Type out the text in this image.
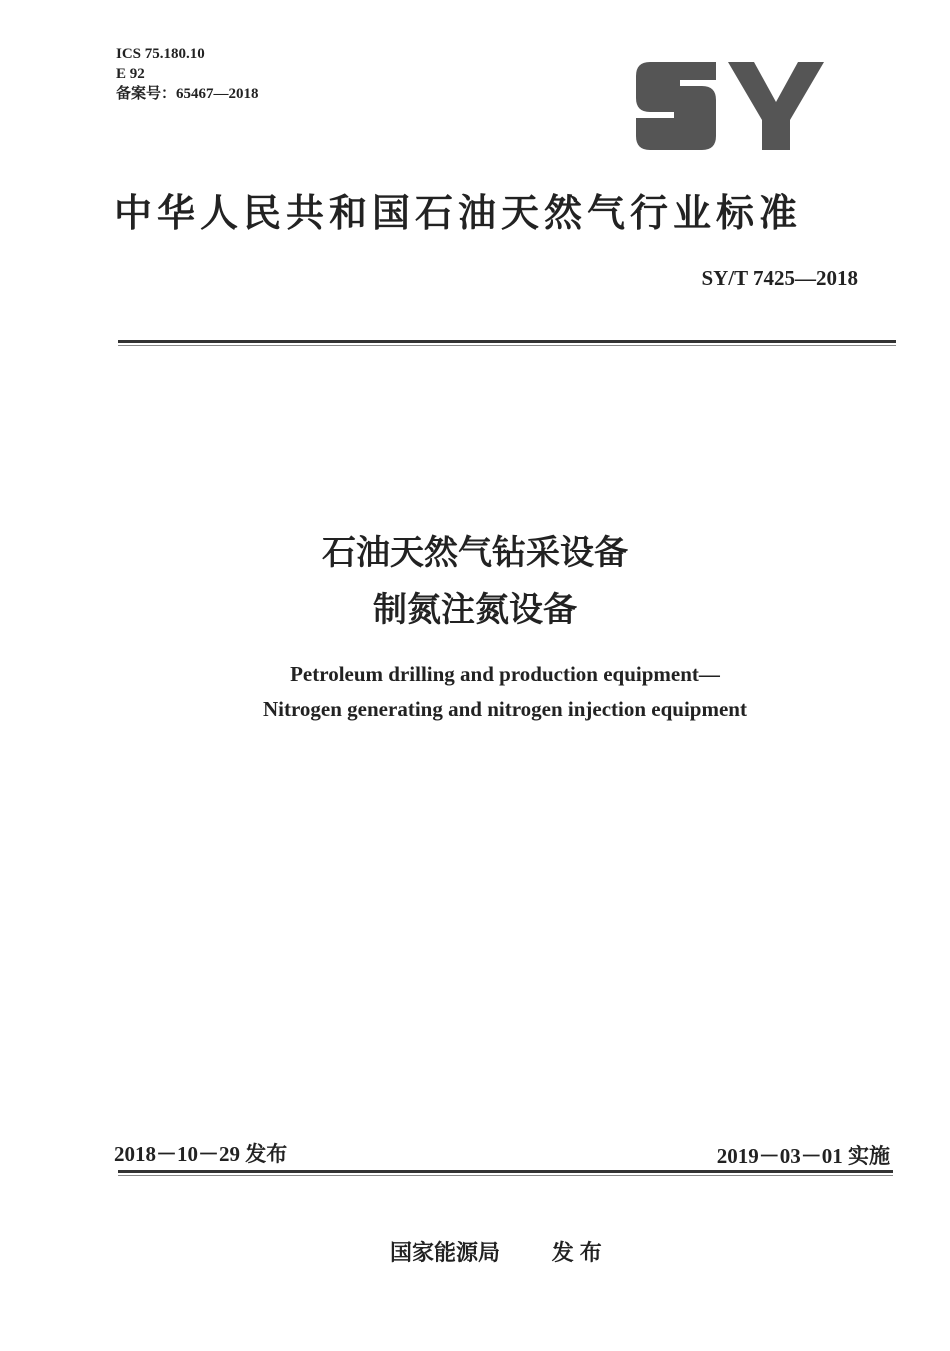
ICS 75.180.10
E 92
备案号：65467—2018
中华人民共和国石油天然气行业标准
SY/T 7425—2018
石油天然气钻采设备
制氮注氮设备
Petroleum drilling and production equipment—
Nitrogen generating and nitrogen injection equipment
2018－10－29 发布	2019－03－01 实施
国家能源局 发布
